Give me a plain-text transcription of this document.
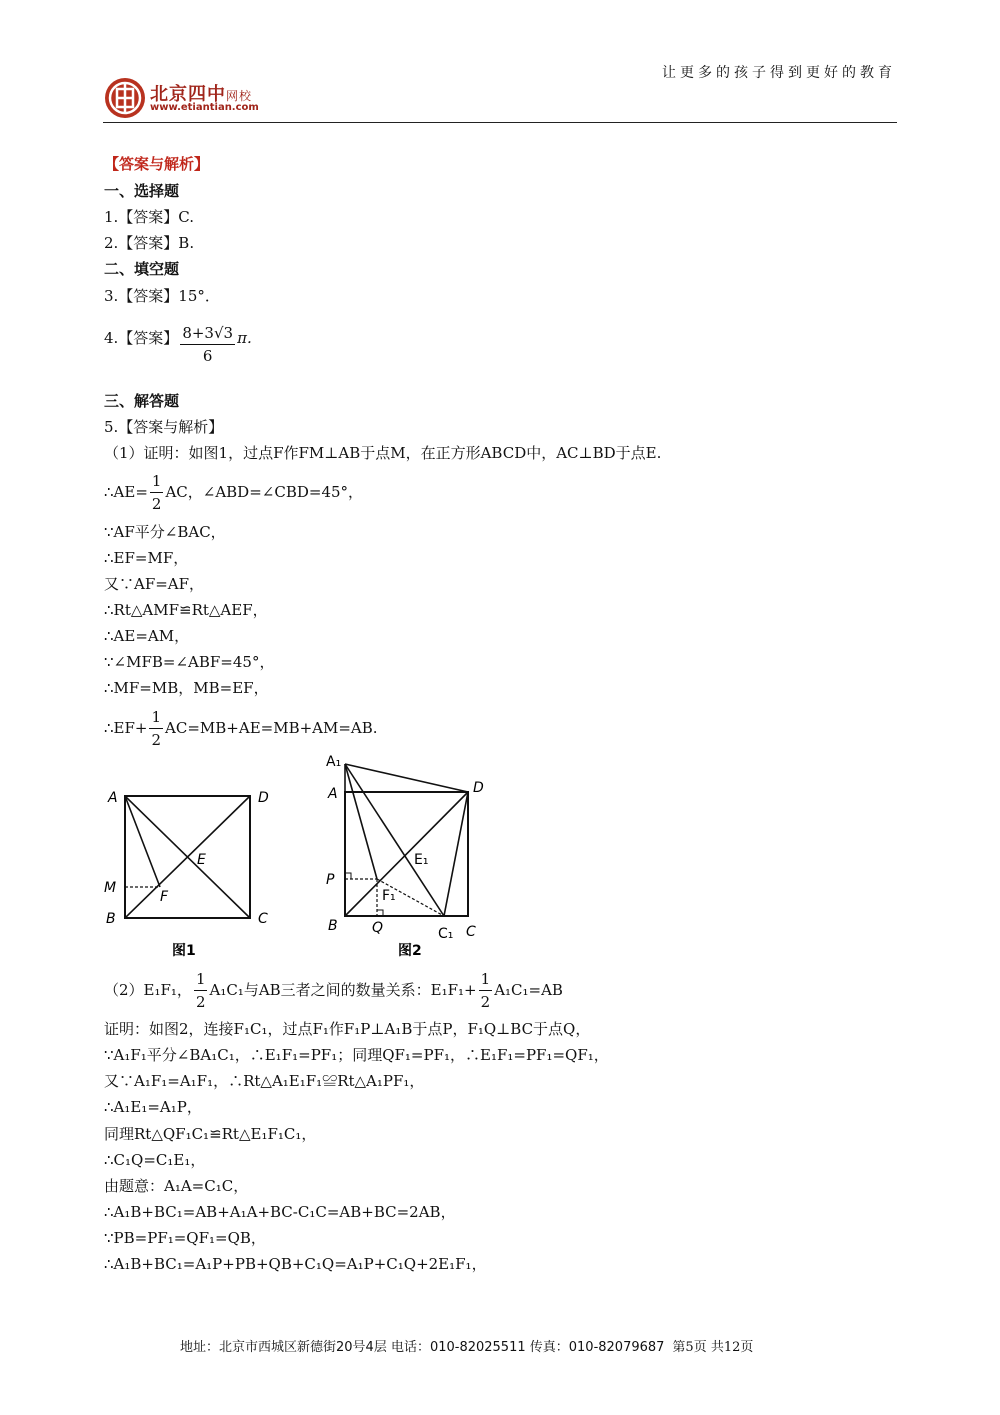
让更多的孩子得到更好的教育
北京四中网校
www.etiantian.com
【答案与解析】
一、选择题
1.【答案】C.
2.【答案】B.
二、填空题
3.【答案】15°．
4.【答案】 $\frac{8+3√3}{6}$ π．
三、解答题
5.【答案与解析】
（1）证明：如图1，过点F作FM⊥AB于点M，在正方形ABCD中，AC⊥BD于点E.
∴AE= $\frac{1}{2}$ AC，∠ABD=∠CBD=45°，
∵AF平分∠BAC，
∴EF=MF，
又∵AF=AF，
∴Rt△AMF≌Rt△AEF，
∴AE=AM，
∵∠MFB=∠ABF=45°，
∴MF=MB，MB=EF，
∴EF+ $\frac{1}{2} AC=MB+AE=MB+AM=AB$.
A	D
M
B	C
E
F
图1
A₁
A	D
E₁
P
F₁
B Q	C₁ C
图2
（2）E₁F₁， $\frac{1}{2} A_1C_1$与AB三者之间的数量关系：$E_1F_1+ \frac{1}{2} A_1C_1=AB$
证明：如图2，连接F₁C₁，过点F₁作F₁P⊥A₁B于点P，F₁Q⊥BC于点Q，
∵A₁F₁平分∠BA₁C₁，∴E₁F₁=PF₁；同理QF₁=PF₁，∴E₁F₁=PF₁=QF₁，
又∵A₁F₁=A₁F₁，∴Rt△A₁E₁F₁≌Rt△A₁PF₁，
∴A₁E₁=A₁P，
同理Rt△QF₁C₁≌Rt△E₁F₁C₁，
∴C₁Q=C₁E₁，
由题意：A₁A=C₁C，
∴A₁B+BC₁=AB+A₁A+BC-C₁C=AB+BC=2AB，
∵PB=PF₁=QF₁=QB，
∴A₁B+BC₁=A₁P+PB+QB+C₁Q=A₁P+C₁Q+2E₁F₁，
地址：北京市西城区新德街20号4层 电话：010-82025511 传真：010-82079687 第5页 共12页
